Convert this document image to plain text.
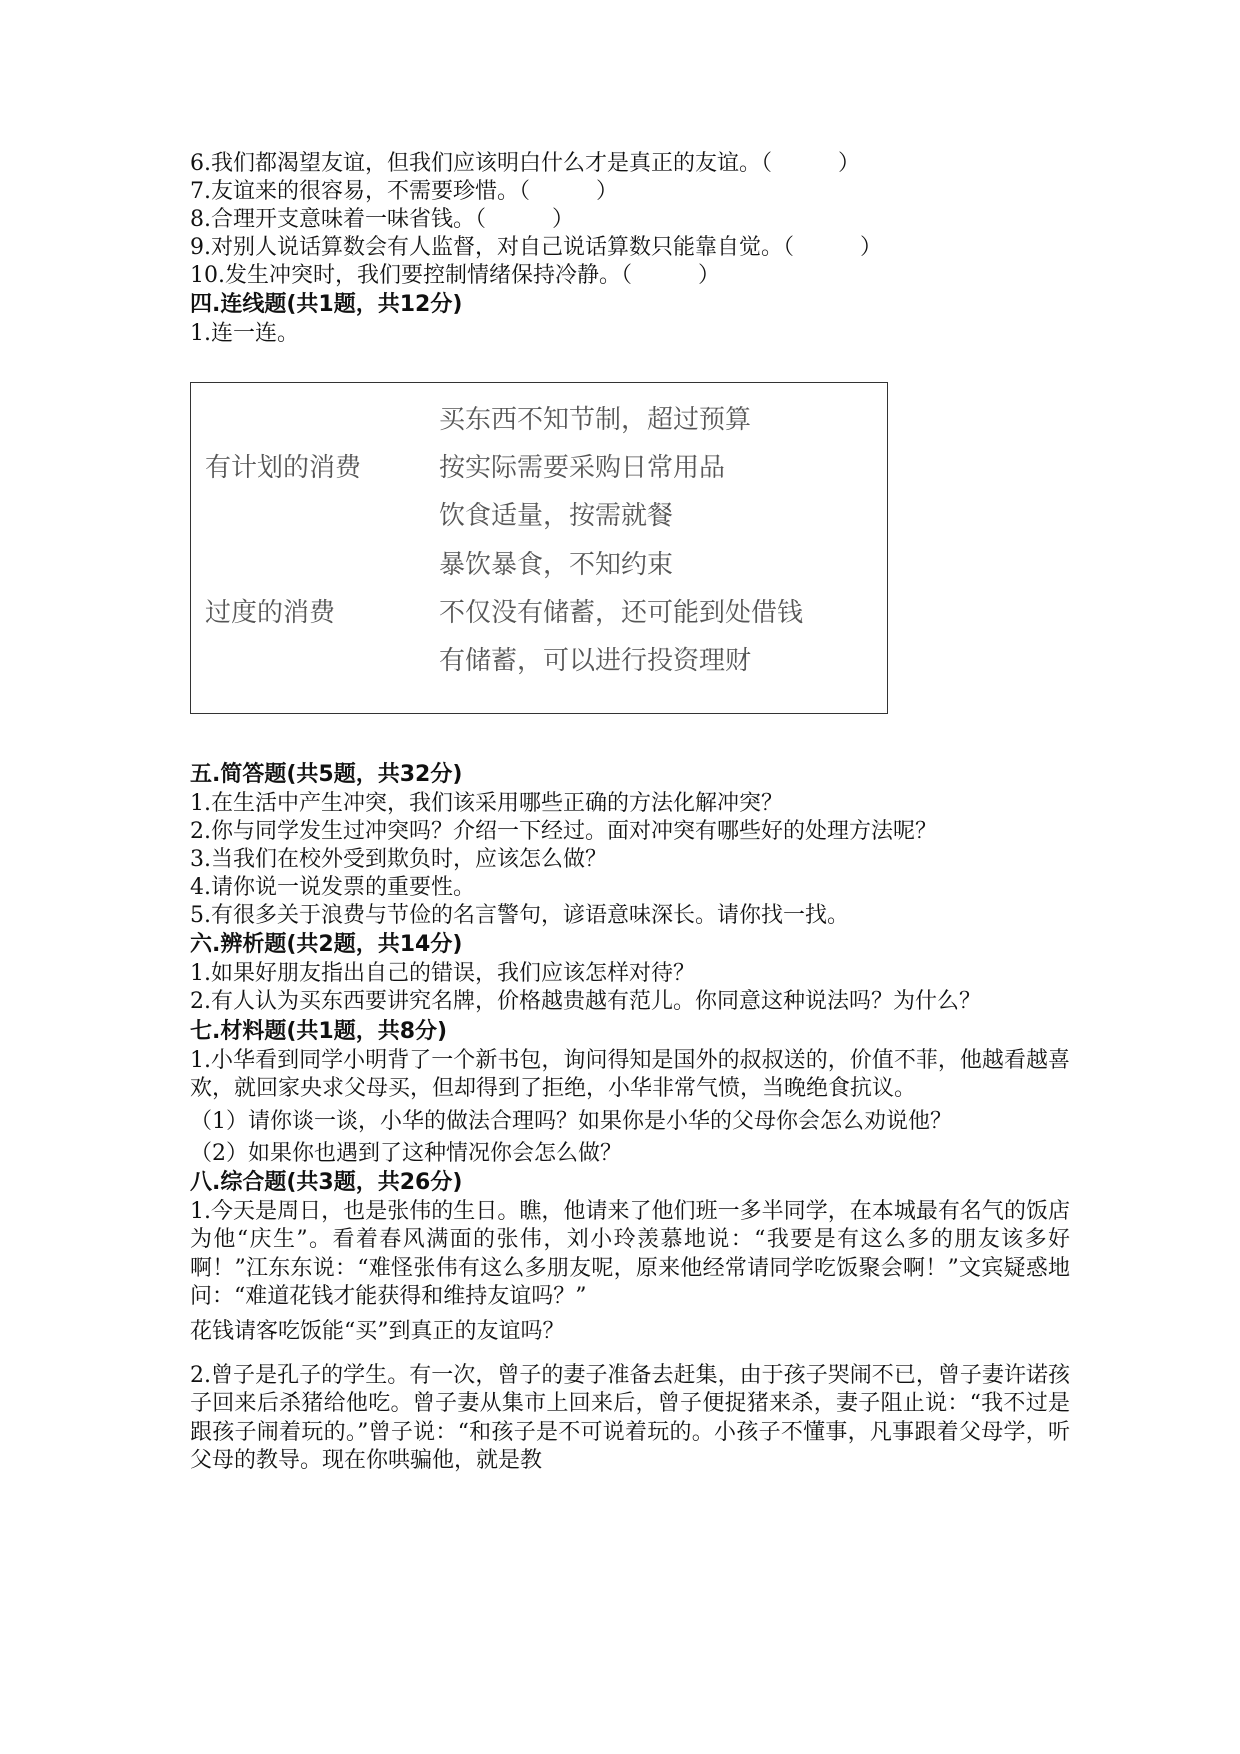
6.我们都渴望友谊，但我们应该明白什么才是真正的友谊。（　　　）
7.友谊来的很容易，不需要珍惜。（　　　）
8.合理开支意味着一味省钱。（　　　）
9.对别人说话算数会有人监督，对自己说话算数只能靠自觉。（　　　）
10.发生冲突时，我们要控制情绪保持冷静。（　　　）
四.连线题(共1题，共12分)
1.连一连。
有计划的消费
过度的消费
买东西不知节制，超过预算
按实际需要采购日常用品
饮食适量，按需就餐
暴饮暴食，不知约束
不仅没有储蓄，还可能到处借钱
有储蓄，可以进行投资理财
五.简答题(共5题，共32分)
1.在生活中产生冲突，我们该采用哪些正确的方法化解冲突？
2.你与同学发生过冲突吗？介绍一下经过。面对冲突有哪些好的处理方法呢？
3.当我们在校外受到欺负时，应该怎么做？
4.请你说一说发票的重要性。
5.有很多关于浪费与节俭的名言警句，谚语意味深长。请你找一找。
六.辨析题(共2题，共14分)
1.如果好朋友指出自己的错误，我们应该怎样对待？
2.有人认为买东西要讲究名牌，价格越贵越有范儿。你同意这种说法吗？为什么？
七.材料题(共1题，共8分)
1.小华看到同学小明背了一个新书包，询问得知是国外的叔叔送的，价值不菲，他越看越喜欢，就回家央求父母买，但却得到了拒绝，小华非常气愤，当晚绝食抗议。
（1）请你谈一谈，小华的做法合理吗？如果你是小华的父母你会怎么劝说他？
（2）如果你也遇到了这种情况你会怎么做？
八.综合题(共3题，共26分)
1.今天是周日，也是张伟的生日。瞧，他请来了他们班一多半同学，在本城最有名气的饭店为他“庆生”。看着春风满面的张伟，刘小玲羡慕地说：“我要是有这么多的朋友该多好啊！”江东东说：“难怪张伟有这么多朋友呢，原来他经常请同学吃饭聚会啊！”文宾疑惑地问：“难道花钱才能获得和维持友谊吗？”
花钱请客吃饭能“买”到真正的友谊吗？
2.曾子是孔子的学生。有一次，曾子的妻子准备去赶集，由于孩子哭闹不已，曾子妻许诺孩子回来后杀猪给他吃。曾子妻从集市上回来后，曾子便捉猪来杀，妻子阻止说：“我不过是跟孩子闹着玩的。”曾子说：“和孩子是不可说着玩的。小孩子不懂事，凡事跟着父母学，听父母的教导。现在你哄骗他，就是教
